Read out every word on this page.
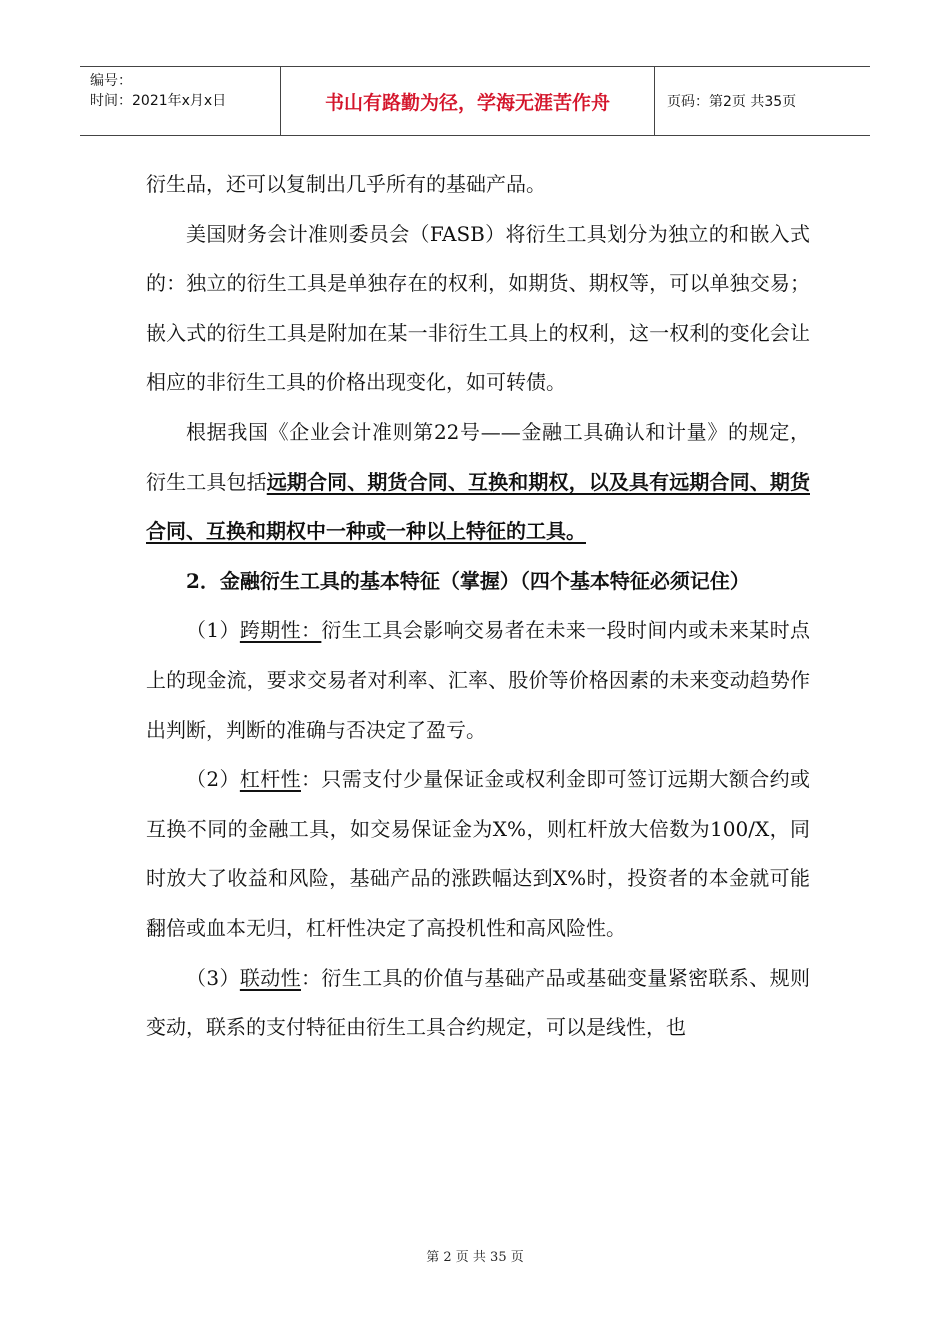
编号：
时间：2021年x月x日	书山有路勤为径，学海无涯苦作舟	页码：第2页 共35页

衍生品，还可以复制出几乎所有的基础产品。

美国财务会计准则委员会（FASB）将衍生工具划分为独立的和嵌入式的：独立的衍生工具是单独存在的权利，如期货、期权等，可以单独交易；嵌入式的衍生工具是附加在某一非衍生工具上的权利，这一权利的变化会让相应的非衍生工具的价格出现变化，如可转债。

根据我国《企业会计准则第22号——金融工具确认和计量》的规定，衍生工具包括远期合同、期货合同、互换和期权，以及具有远期合同、期货合同、互换和期权中一种或一种以上特征的工具。

2．金融衍生工具的基本特征（掌握）（四个基本特征必须记住）

（1）跨期性：衍生工具会影响交易者在未来一段时间内或未来某时点上的现金流，要求交易者对利率、汇率、股价等价格因素的未来变动趋势作出判断，判断的准确与否决定了盈亏。

（2）杠杆性：只需支付少量保证金或权利金即可签订远期大额合约或互换不同的金融工具，如交易保证金为X%，则杠杆放大倍数为100/X，同时放大了收益和风险，基础产品的涨跌幅达到X%时，投资者的本金就可能翻倍或血本无归，杠杆性决定了高投机性和高风险性。

（3）联动性：衍生工具的价值与基础产品或基础变量紧密联系、规则变动，联系的支付特征由衍生工具合约规定，可以是线性，也

第 2 页 共 35 页
